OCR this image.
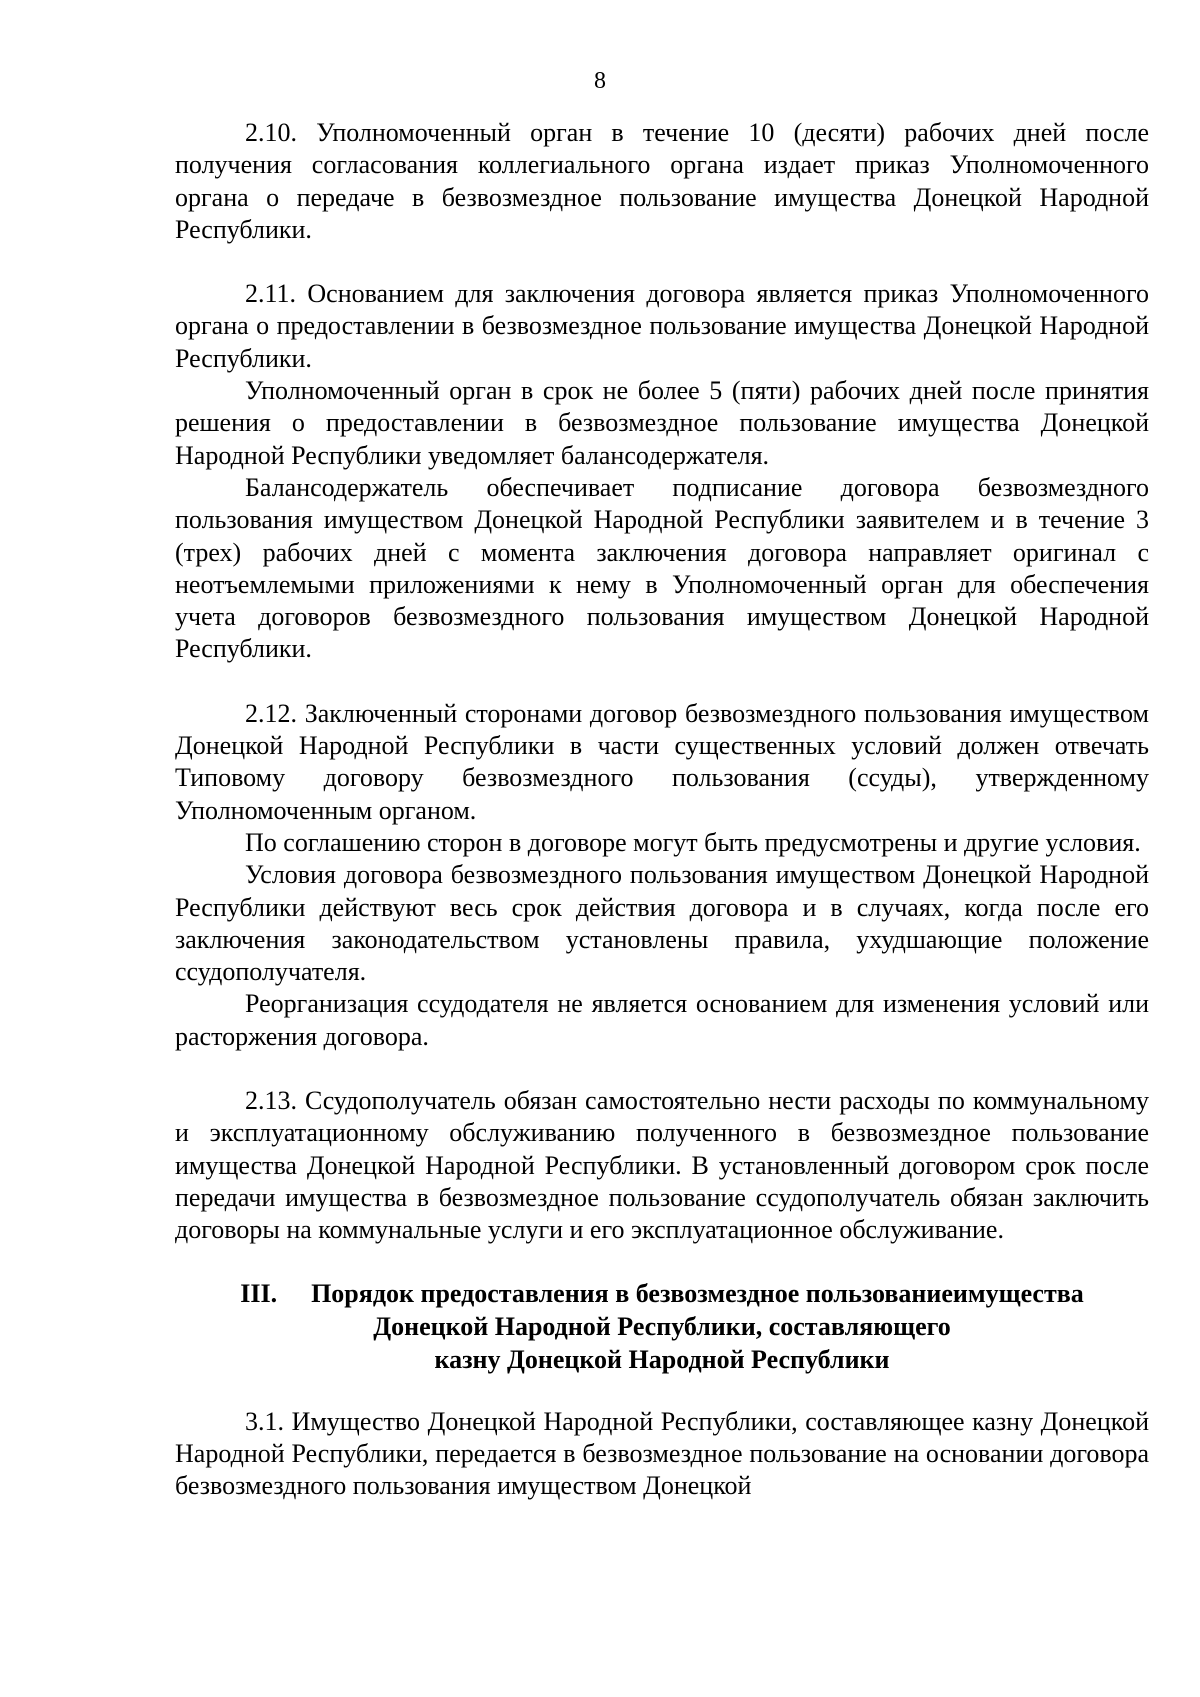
8

2.10. Уполномоченный орган в течение 10 (десяти) рабочих дней после получения согласования коллегиального органа издает приказ Уполномоченного органа о передаче в безвозмездное пользование имущества Донецкой Народной Республики.

2.11. Основанием для заключения договора является приказ Уполномоченного органа о предоставлении в безвозмездное пользование имущества Донецкой Народной Республики.

Уполномоченный орган в срок не более 5 (пяти) рабочих дней после принятия решения о предоставлении в безвозмездное пользование имущества Донецкой Народной Республики уведомляет балансодержателя.

Балансодержатель обеспечивает подписание договора безвозмездного пользования имуществом Донецкой Народной Республики заявителем и в течение 3 (трех) рабочих дней с момента заключения договора направляет оригинал с неотъемлемыми приложениями к нему в Уполномоченный орган для обеспечения учета договоров безвозмездного пользования имуществом Донецкой Народной Республики.

2.12. Заключенный сторонами договор безвозмездного пользования имуществом Донецкой Народной Республики в части существенных условий должен отвечать Типовому договору безвозмездного пользования (ссуды), утвержденному Уполномоченным органом.

По соглашению сторон в договоре могут быть предусмотрены и другие условия.

Условия договора безвозмездного пользования имуществом Донецкой Народной Республики действуют весь срок действия договора и в случаях, когда после его заключения законодательством установлены правила, ухудшающие положение ссудополучателя.

Реорганизация ссудодателя не является основанием для изменения условий или расторжения договора.

2.13. Ссудополучатель обязан самостоятельно нести расходы по коммунальному и эксплуатационному обслуживанию полученного в безвозмездное пользование имущества Донецкой Народной Республики. В установленный договором срок после передачи имущества в безвозмездное пользование ссудополучатель обязан заключить договоры на коммунальные услуги и его эксплуатационное обслуживание.

III. Порядок предоставления в безвозмездное пользованиеимущества
Донецкой Народной Республики, составляющего
казну Донецкой Народной Республики

3.1. Имущество Донецкой Народной Республики, составляющее казну Донецкой Народной Республики, передается в безвозмездное пользование на основании договора безвозмездного пользования имуществом Донецкой
